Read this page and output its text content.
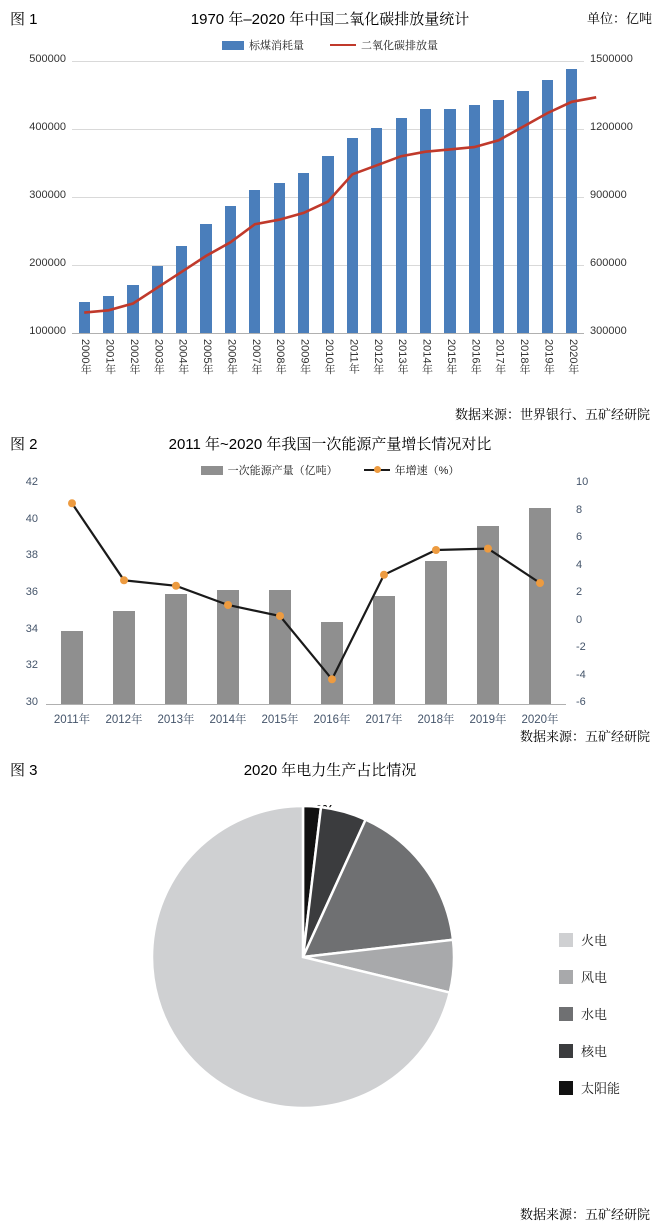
图 1	1970 年–2020 年中国二氧化碳排放量统计	单位：亿吨
标煤消耗量	二氧化碳排放量
100000
200000
300000
400000
500000
300000
600000
900000
1200000
1500000
2000年 2001年 2002年 2003年 2004年 2005年 2006年 2007年 2008年 2009年 2010年 2011年 2012年 2013年 2014年 2015年 2016年 2017年 2018年 2019年 2020年
数据来源：世界银行、五矿经研院
图 2	2011 年~2020 年我国一次能源产量增长情况对比
一次能源产量（亿吨）	年增速（%）
30
32
34
36
38
40
42
-6
-4
-2
0
2
4
6
8
10
2011年	2012年	2013年	2014年	2015年	2016年	2017年	2018年	2019年	2020年
数据来源：五矿经研院
图 3	2020 年电力生产占比情况
火电
风电
水电
核电
太阳能
数据来源：五矿经研院
